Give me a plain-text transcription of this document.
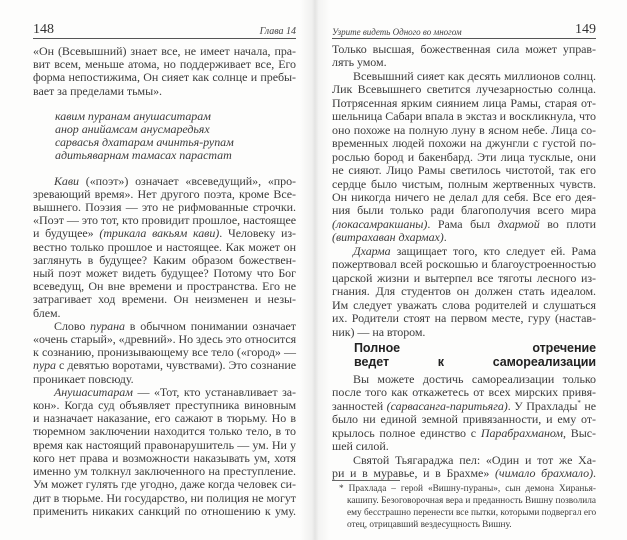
148	Глава 14	Узрите видеть Одного во многом	149
«Он (Всевышний) знает все, не имеет начала, пра-
вит всем, меньше атома, но поддерживает все, Его
форма непостижима, Он сияет как солнце и пребы-
вает за пределами тьмы».
кавим пуранам анушаситарам
анор анийамсам анусмаредьях
сарвасья дхатарам ачинтья-рупам
адитьяварнам тамасах парастат
Кави («поэт») означает «всеведущий», «про-
зревающий время». Нет другого поэта, кроме Все-
вышнего. Поэзия — это не рифмованные строчки.
«Поэт — это тот, кто провидит прошлое, настоящее
и будущее» (трикала вакьям кави). Человеку из-
вестно только прошлое и настоящее. Как может он
заглянуть в будущее? Каким образом божествен-
ный поэт может видеть будущее? Потому что Бог
всеведущ, Он вне времени и пространства. Его не
затрагивает ход времени. Он неизменен и незы-
блем.
Слово пурана в обычном понимании означает
«очень старый», «древний». Но здесь это относится
к сознанию, пронизывающему все тело («город» —
пура с девятью воротами, чувствами). Это сознание
проникает повсюду.
Анушаситарам — «Тот, кто устанавливает за-
кон». Когда суд объявляет преступника виновным
и назначает наказание, его сажают в тюрьму. Но в
тюремном заключении находится только тело, в то
время как настоящий правонарушитель — ум. Ни у
кого нет права и возможности наказывать ум, хотя
именно ум толкнул заключенного на преступление.
Ум может гулять где угодно, даже когда человек си-
дит в тюрьме. Ни государство, ни полиция не могут
применить никаких санкций по отношению к уму.
Только высшая, божественная сила может управ-
лять умом.
Всевышний сияет как десять миллионов солнц.
Лик Всевышнего светится лучезарностью солнца.
Потрясенная ярким сиянием лица Рамы, старая от-
шельница Сабари впала в экстаз и воскликнула, что
оно похоже на полную луну в ясном небе. Лица со-
временных людей похожи на джунгли с густой по-
рослью бород и бакенбард. Эти лица тусклые, они
не сияют. Лицо Рамы светилось чистотой, так его
сердце было чистым, полным жертвенных чувств.
Он никогда ничего не делал для себя. Все его дея-
ния были только ради благополучия всего мира
(локасамракшаны). Рама был дхармой во плоти
(витрахаван дхармах).
Дхарма защищает того, кто следует ей. Рама
пожертвовал всей роскошью и благоустроенностью
царской жизни и вытерпел все тяготы лесного из-
гнания. Для студентов он должен стать идеалом.
Им следует уважать слова родителей и слушаться
их. Родители стоят на первом месте, гуру (настав-
ник) — на втором.
Полное отречение
ведет к самореализации
Вы можете достичь самореализации только
после того как откажетесь от всех мирских привя-
занностей (сарвасанга-паритьяга). У Прахлады* не
было ни единой земной привязанности, и ему от-
крылось полное единство с Парабрахманом, Выс-
шей силой.
Святой Тьягараджа пел: «Один и тот же Ха-
ри и в муравье, и в Брахме» (чимало брахмало).
* Прахлада – герой «Вишну-пураны», сын демона Хиранья-
кашипу. Безоговорочная вера и преданность Вишну позволила
ему бесстрашно перенести все пытки, которыми подвергал его
отец, отрицавший вездесущность Вишну.
